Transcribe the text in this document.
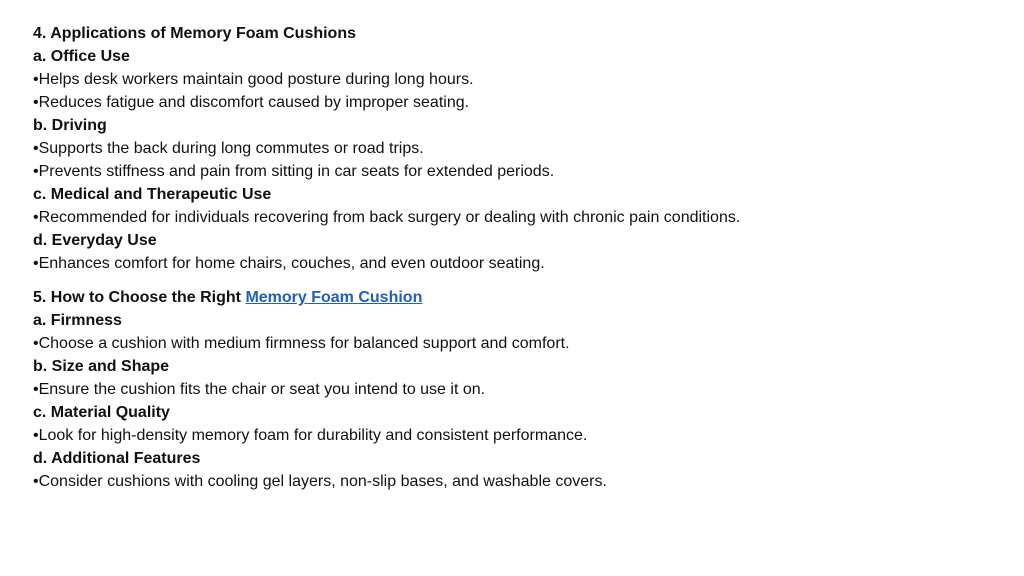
4. Applications of Memory Foam Cushions
a. Office Use
•Helps desk workers maintain good posture during long hours.
•Reduces fatigue and discomfort caused by improper seating.
b. Driving
•Supports the back during long commutes or road trips.
•Prevents stiffness and pain from sitting in car seats for extended periods.
c. Medical and Therapeutic Use
•Recommended for individuals recovering from back surgery or dealing with chronic pain conditions.
d. Everyday Use
•Enhances comfort for home chairs, couches, and even outdoor seating.
5. How to Choose the Right Memory Foam Cushion
a. Firmness
•Choose a cushion with medium firmness for balanced support and comfort.
b. Size and Shape
•Ensure the cushion fits the chair or seat you intend to use it on.
c. Material Quality
•Look for high-density memory foam for durability and consistent performance.
d. Additional Features
•Consider cushions with cooling gel layers, non-slip bases, and washable covers.
